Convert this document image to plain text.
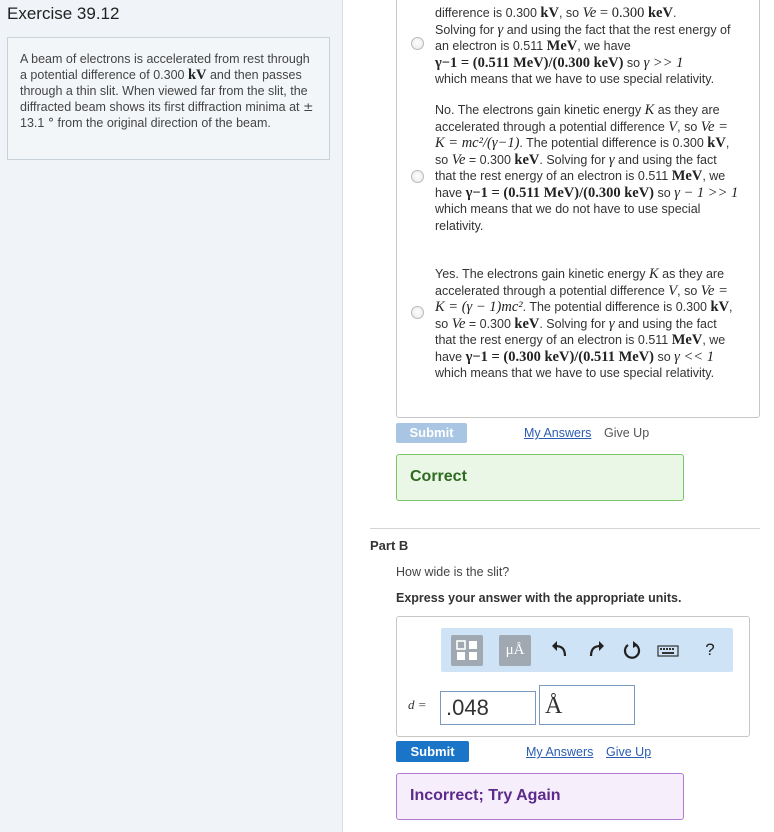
Exercise 39.12
A beam of electrons is accelerated from rest through a potential difference of 0.300 kV and then passes through a thin slit. When viewed far from the slit, the diffracted beam shows its first diffraction minima at ± 13.1 ° from the original direction of the beam.
difference is 0.300 kV, so Ve = 0.300 keV.
Solving for γ and using the fact that the rest energy of an electron is 0.511 MeV, we have
γ−1 = (0.511 MeV)/(0.300 keV) so γ >> 1
which means that we have to use special relativity.
No. The electrons gain kinetic energy K as they are accelerated through a potential difference V, so Ve = K = mc²/(γ−1). The potential difference is 0.300 kV, so Ve = 0.300 keV. Solving for γ and using the fact that the rest energy of an electron is 0.511 MeV, we have γ−1 = (0.511 MeV)/(0.300 keV) so γ − 1 >> 1 which means that we do not have to use special relativity.
Yes. The electrons gain kinetic energy K as they are accelerated through a potential difference V, so Ve = K = (γ − 1)mc². The potential difference is 0.300 kV, so Ve = 0.300 keV. Solving for γ and using the fact that the rest energy of an electron is 0.511 MeV, we have γ−1 = (0.300 keV)/(0.511 MeV) so γ << 1
which means that we have to use special relativity.
Submit	My Answers Give Up
Correct
Part B
How wide is the slit?
Express your answer with the appropriate units.
μÅ	?
d = .048	Å
Submit	My Answers Give Up
Incorrect; Try Again
